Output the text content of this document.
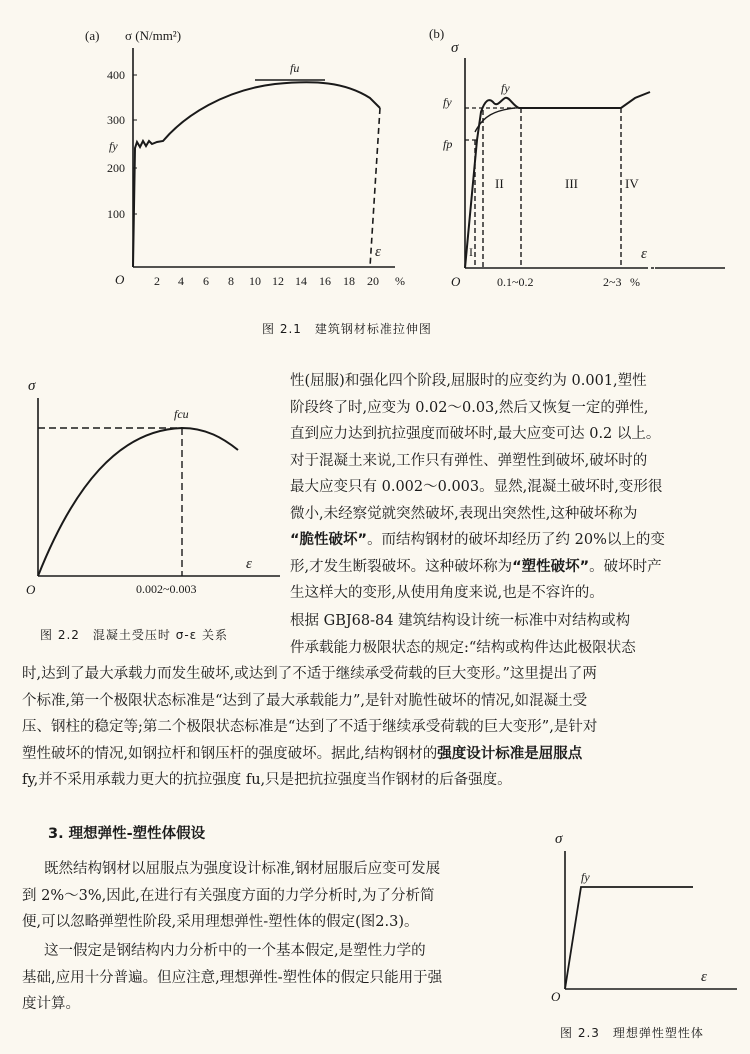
(a) σ (N/mm²)
400
300
200
100
O 2 4 6 8 10 12 14 16 18 20 %
ε
fy
fu
(b)
σ
O
ε
%
fy
fp
fy
I
II	III	IV
0.1~0.2	2~3
图 2.1　建筑钢材标准拉伸图
σ
O
ε
fcu
0.002~0.003
图 2.2　混凝土受压时 σ-ε 关系
性(屈服)和强化四个阶段,屈服时的应变约为 0.001,塑性
阶段终了时,应变为 0.02～0.03,然后又恢复一定的弹性,
直到应力达到抗拉强度而破坏时,最大应变可达 0.2 以上。
对于混凝土来说,工作只有弹性、弹塑性到破坏,破坏时的
最大应变只有 0.002～0.003。显然,混凝土破坏时,变形很
微小,未经察觉就突然破坏,表现出突然性,这种破坏称为
“脆性破坏”。而结构钢材的破坏却经历了约 20%以上的变
形,才发生断裂破坏。这种破坏称为“塑性破坏”。破坏时产
生这样大的变形,从使用角度来说,也是不容许的。
根据 GBJ68-84 建筑结构设计统一标准中对结构或构
件承载能力极限状态的规定:“结构或构件达此极限状态
时,达到了最大承载力而发生破坏,或达到了不适于继续承受荷载的巨大变形。”这里提出了两
个标准,第一个极限状态标准是“达到了最大承载能力”,是针对脆性破坏的情况,如混凝土受
压、钢柱的稳定等;第二个极限状态标准是“达到了不适于继续承受荷载的巨大变形”,是针对
塑性破坏的情况,如钢拉杆和钢压杆的强度破坏。据此,结构钢材的强度设计标准是屈服点
fy,并不采用承载力更大的抗拉强度 fu,只是把抗拉强度当作钢材的后备强度。
3. 理想弹性-塑性体假设
既然结构钢材以屈服点为强度设计标准,钢材屈服后应变可发展
到 2%～3%,因此,在进行有关强度方面的力学分析时,为了分析简
便,可以忽略弹塑性阶段,采用理想弹性-塑性体的假定(图2.3)。
这一假定是钢结构内力分析中的一个基本假定,是塑性力学的
基础,应用十分普遍。但应注意,理想弹性-塑性体的假定只能用于强
度计算。
σ
O
ε
fy
图 2.3　理想弹性塑性体
